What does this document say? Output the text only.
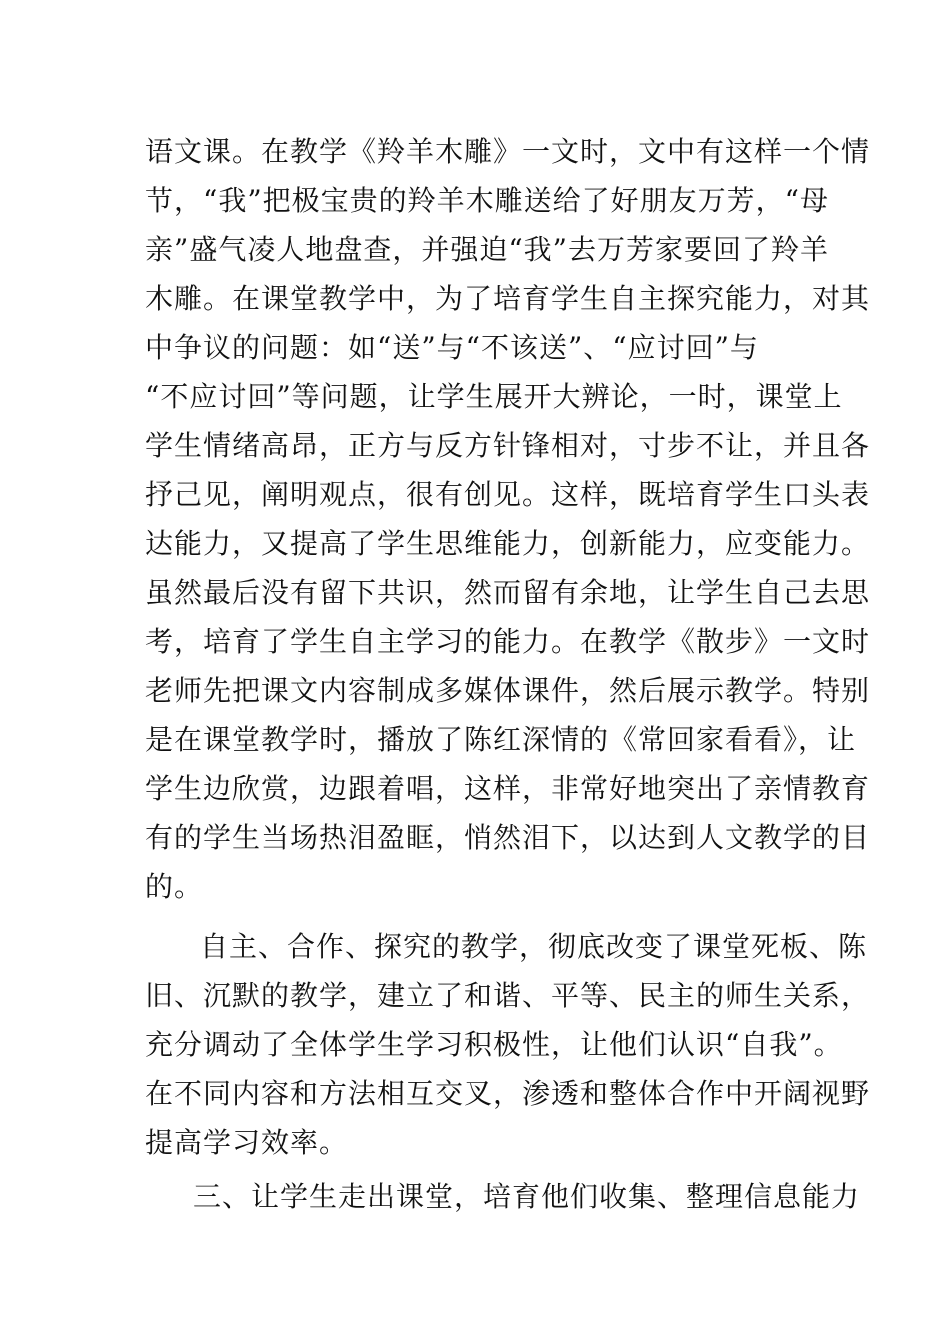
语文课。在教学《羚羊木雕》一文时，文中有这样一个情
节，“我”把极宝贵的羚羊木雕送给了好朋友万芳，“母
亲”盛气凌人地盘查，并强迫“我”去万芳家要回了羚羊
木雕。在课堂教学中，为了培育学生自主探究能力，对其
中争议的问题：如“送”与“不该送”、“应讨回”与
“不应讨回”等问题，让学生展开大辨论，一时，课堂上
学生情绪高昂，正方与反方针锋相对，寸步不让，并且各
抒己见，阐明观点，很有创见。这样，既培育学生口头表
达能力，又提高了学生思维能力，创新能力，应变能力。
虽然最后没有留下共识，然而留有余地，让学生自己去思
考，培育了学生自主学习的能力。在教学《散步》一文时
老师先把课文内容制成多媒体课件，然后展示教学。特别
是在课堂教学时，播放了陈红深情的《常回家看看》，让
学生边欣赏，边跟着唱，这样，非常好地突出了亲情教育
有的学生当场热泪盈眶，悄然泪下，以达到人文教学的目
的。
自主、合作、探究的教学，彻底改变了课堂死板、陈
旧、沉默的教学，建立了和谐、平等、民主的师生关系，
充分调动了全体学生学习积极性，让他们认识“自我”。
在不同内容和方法相互交叉，渗透和整体合作中开阔视野
提高学习效率。
三、让学生走出课堂，培育他们收集、整理信息能力
